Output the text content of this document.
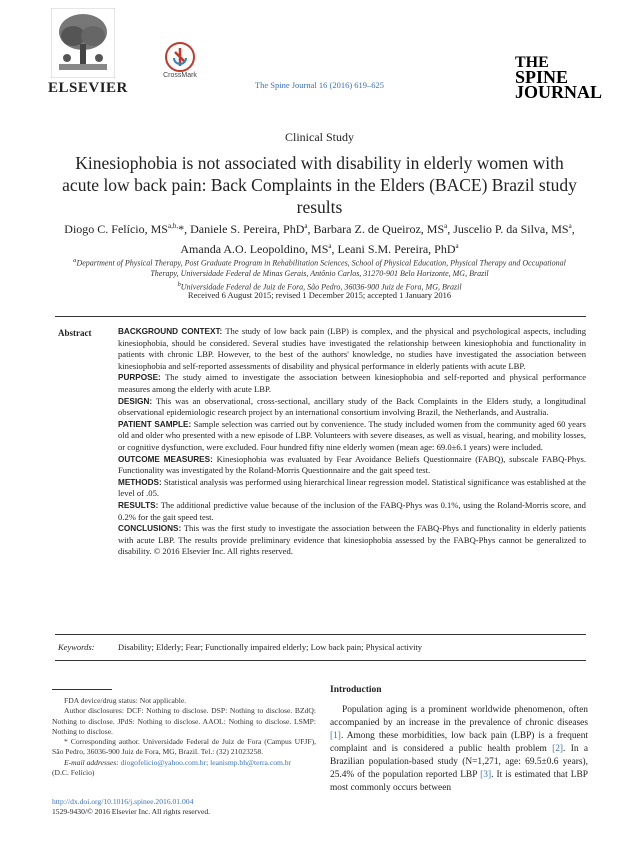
ELSEVIER
CrossMark
The Spine Journal 16 (2016) 619–625
THE
SPINE
JOURNAL
Clinical Study
Kinesiophobia is not associated with disability in elderly women with acute low back pain: Back Complaints in the Elders (BACE) Brazil study results
Diogo C. Felício, $MS^{a,b,}*$, Daniele S. Pereira, PhD$^a$, Barbara Z. de Queiroz, $MS^a$, Juscelio P. da Silva, $MS^a$, Amanda A.O. Leopoldino, $MS^a$, Leani S.M. Pereira, PhD$^a$
$^a$Department of Physical Therapy, Post Graduate Program in Rehabilitation Sciences, School of Physical Education, Physical Therapy and Occupational Therapy, Universidade Federal de Minas Gerais, Antônio Carlos, 31270-901 Belo Horizonte, MG, Brazil
$^b$Universidade Federal de Juiz de Fora, São Pedro, 36036-900 Juiz de Fora, MG, Brazil
Received 6 August 2015; revised 1 December 2015; accepted 1 January 2016
Abstract	BACKGROUND CONTEXT: The study of low back pain (LBP) is complex, and the physical and psychological aspects, including kinesiophobia, should be considered. Several studies have investigated the relationship between kinesiophobia and functionality in patients with chronic LBP. However, to the best of the authors' knowledge, no studies have investigated the association between kinesiophobia and self-reported assessments of disability and physical performance in elderly patients with acute LBP.

PURPOSE: The study aimed to investigate the association between kinesiophobia and self-reported and physical performance measures among the elderly with acute LBP.

DESIGN: This was an observational, cross-sectional, ancillary study of the Back Complaints in the Elders study, a longitudinal observational epidemiologic research project by an international consortium involving Brazil, the Netherlands, and Australia.

PATIENT SAMPLE: Sample selection was carried out by convenience. The study included women from the community aged 60 years old and older who presented with a new episode of LBP. Volunteers with severe diseases, as well as visual, hearing, and mobility losses, or cognitive dysfunction, were excluded. Four hundred fifty nine elderly women (mean age: 69.0±6.1 years) were included.

OUTCOME MEASURES: Kinesiophobia was evaluated by Fear Avoidance Beliefs Questionnaire (FABQ), subscale FABQ-Phys. Functionality was investigated by the Roland-Morris Questionnaire and the gait speed test.

METHODS: Statistical analysis was performed using hierarchical linear regression model. Statistical significance was established at the level of .05.

RESULTS: The additional predictive value because of the inclusion of the FABQ-Phys was 0.1%, using the Roland-Morris score, and 0.2% for the gait speed test.

CONCLUSIONS: This was the first study to investigate the association between the FABQ-Phys and functionality in elderly patients with acute LBP. The results provide preliminary evidence that kinesiophobia assessed by the FABQ-Phys cannot be generalized to disability. © 2016 Elsevier Inc. All rights reserved.

Keywords:	Disability; Elderly; Fear; Functionally impaired elderly; Low back pain; Physical activity

FDA device/drug status: Not applicable.

Author disclosures: DCF: Nothing to disclose. DSP: Nothing to disclose. BZdQ: Nothing to disclose. JPdS: Nothing to disclose. AAOL: Nothing to disclose. LSMP: Nothing to disclose.

* Corresponding author. Universidade Federal de Juiz de Fora (Campus UFJF), São Pedro, 36036-900 Juiz de Fora, MG, Brazil. Tel.: (32) 21023258.

E-mail addresses: diogofelicio@yahoo.com.br; leanismp.bh@terra.com.br

(D.C. Felício)

http://dx.doi.org/10.1016/j.spinee.2016.01.004
1529-9430/© 2016 Elsevier Inc. All rights reserved.
Introduction

Population aging is a prominent worldwide phenomenon, often accompanied by an increase in the prevalence of chronic diseases [1]. Among these morbidities, low back pain (LBP) is a frequent complaint and is considered a public health problem [2]. In a Brazilian population-based study (N=1,271, age: 69.5±0.6 years), 25.4% of the population reported LBP [3]. It is estimated that LBP most commonly occurs between
